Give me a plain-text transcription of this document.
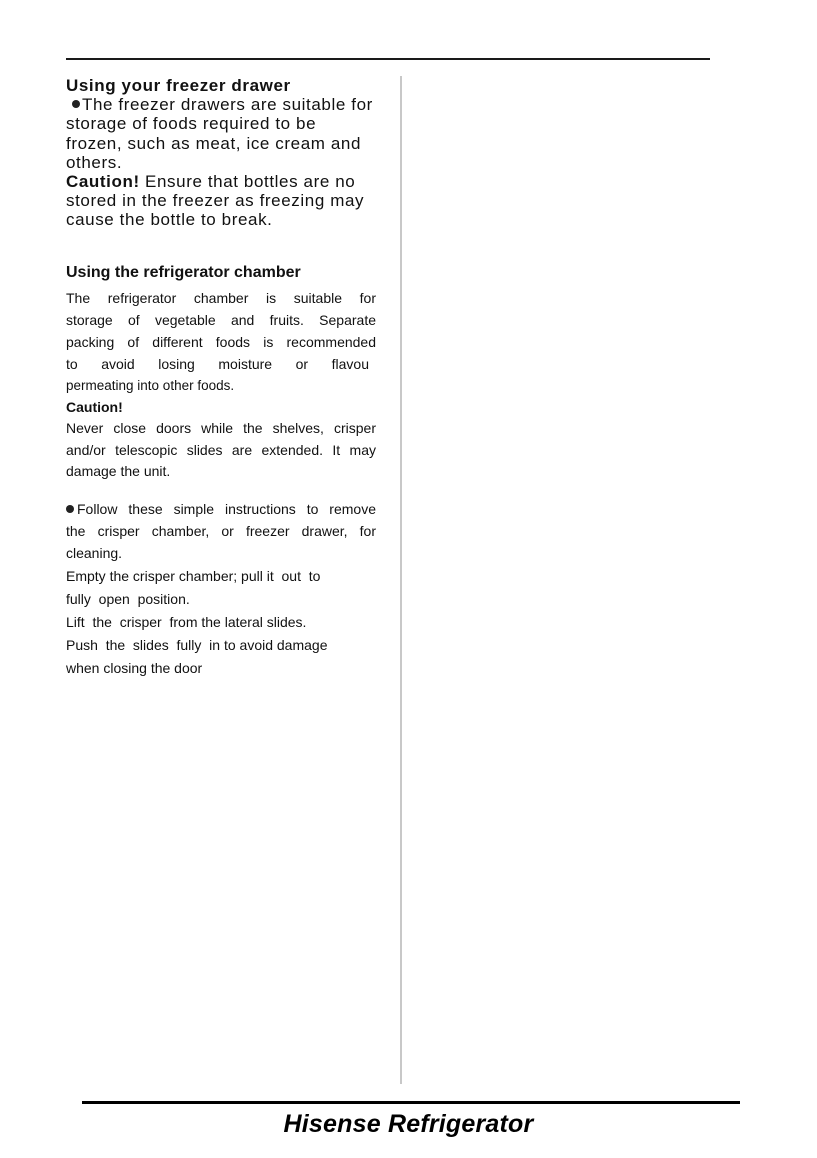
Using your freezer drawer

The freezer drawers are suitable for storage of foods required to be frozen, such as meat, ice cream and others.

Caution! Ensure that bottles are no stored in the freezer as freezing may cause the bottle to break.

Using the refrigerator chamber

The refrigerator chamber is suitable for

storage of vegetable and fruits. Separate

packing of different foods is recommended

to avoid losing moisture or flavou

permeating into other foods.

Caution!

Never close doors while the shelves, crisper

and/or telescopic slides are extended. It may

damage the unit.

Follow these simple instructions to remove

the crisper chamber, or freezer drawer, for

cleaning.

Empty the crisper chamber; pull it  out  to

fully  open  position.

Lift  the  crisper  from the lateral slides.

Push  the  slides  fully  in to avoid damage

when closing the door

Hisense Refrigerator
